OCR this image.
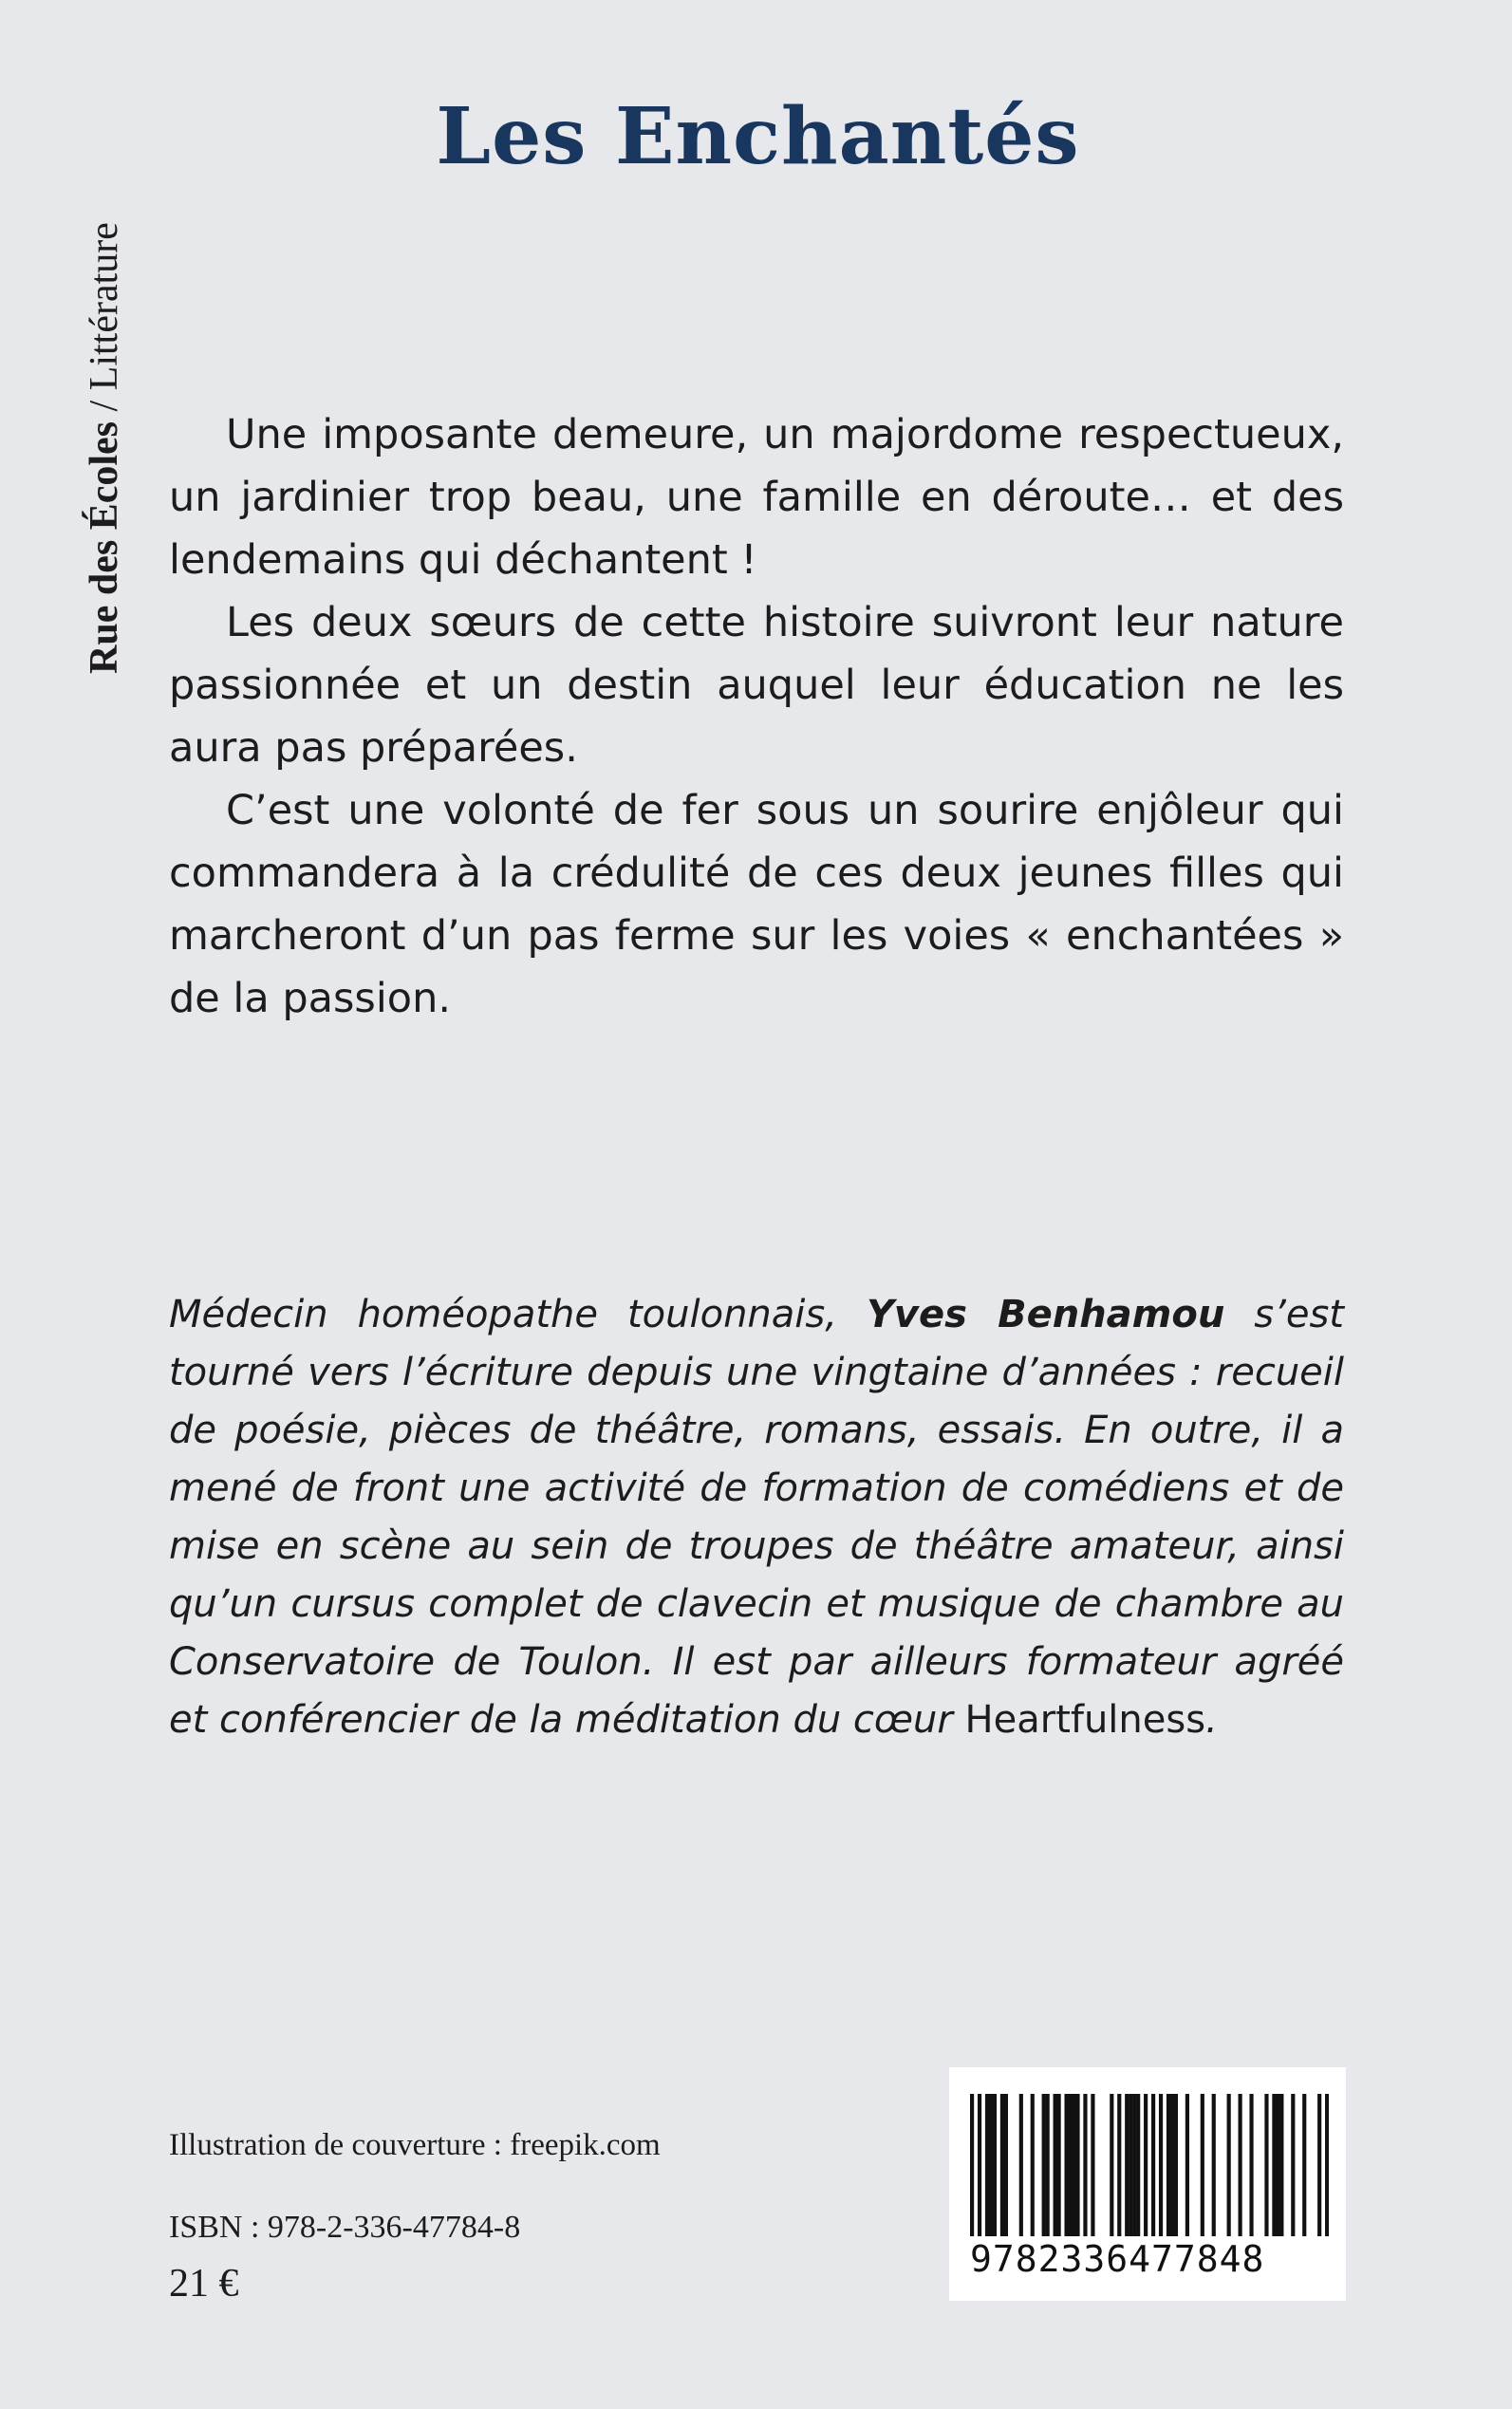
Rue des Écoles / Littérature
Les Enchantés

Une imposante demeure, un majordome respectueux, un jardinier trop beau, une famille en déroute… et des lendemains qui déchantent !

Les deux sœurs de cette histoire suivront leur nature passionnée et un destin auquel leur éducation ne les aura pas préparées.

C’est une volonté de fer sous un sourire enjôleur qui commandera à la crédulité de ces deux jeunes filles qui marcheront d’un pas ferme sur les voies « enchantées » de la passion.

Médecin homéopathe toulonnais, Yves Benhamou s’est tourné vers l’écriture depuis une vingtaine d’années : recueil de poésie, pièces de théâtre, romans, essais. En outre, il a mené de front une activité de formation de comédiens et de mise en scène au sein de troupes de théâtre amateur, ainsi qu’un cursus complet de clavecin et musique de chambre au Conservatoire de Toulon. Il est par ailleurs formateur agréé et conférencier de la méditation du cœur Heartfulness.
Illustration de couverture : freepik.com
ISBN : 978-2-336-47784-8
21 €
9782336477848
